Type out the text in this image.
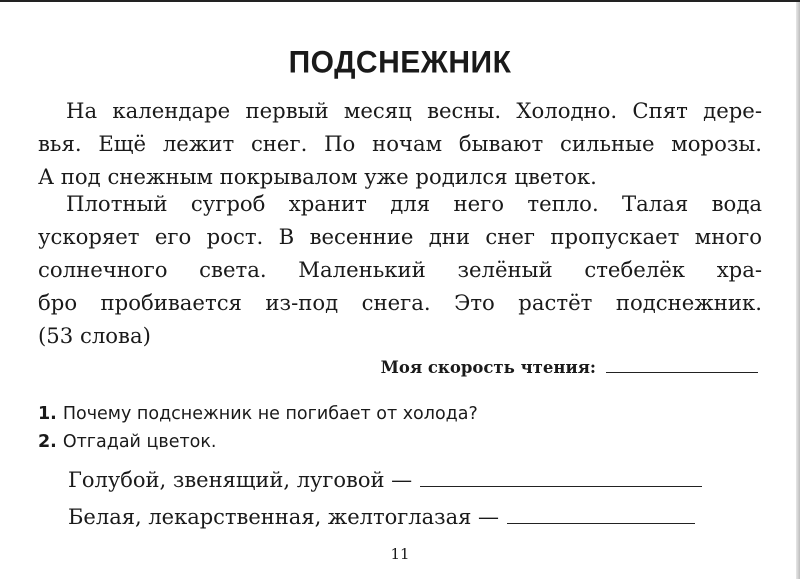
ПОДСНЕЖНИК
На календаре первый месяц весны. Холодно. Спят дере-
вья. Ещё лежит снег. По ночам бывают сильные морозы.
А под снежным покрывалом уже родился цветок.
Плотный сугроб хранит для него тепло. Талая вода
ускоряет его рост. В весенние дни снег пропускает много
солнечного света. Маленький зелёный стебелёк хра-
бро пробивается из-под снега. Это растёт подснежник.
(53 слова)
Моя скорость чтения:
1. Почему подснежник не погибает от холода?
2. Отгадай цветок.
Голубой, звенящий, луговой —
Белая, лекарственная, желтоглазая —
11
